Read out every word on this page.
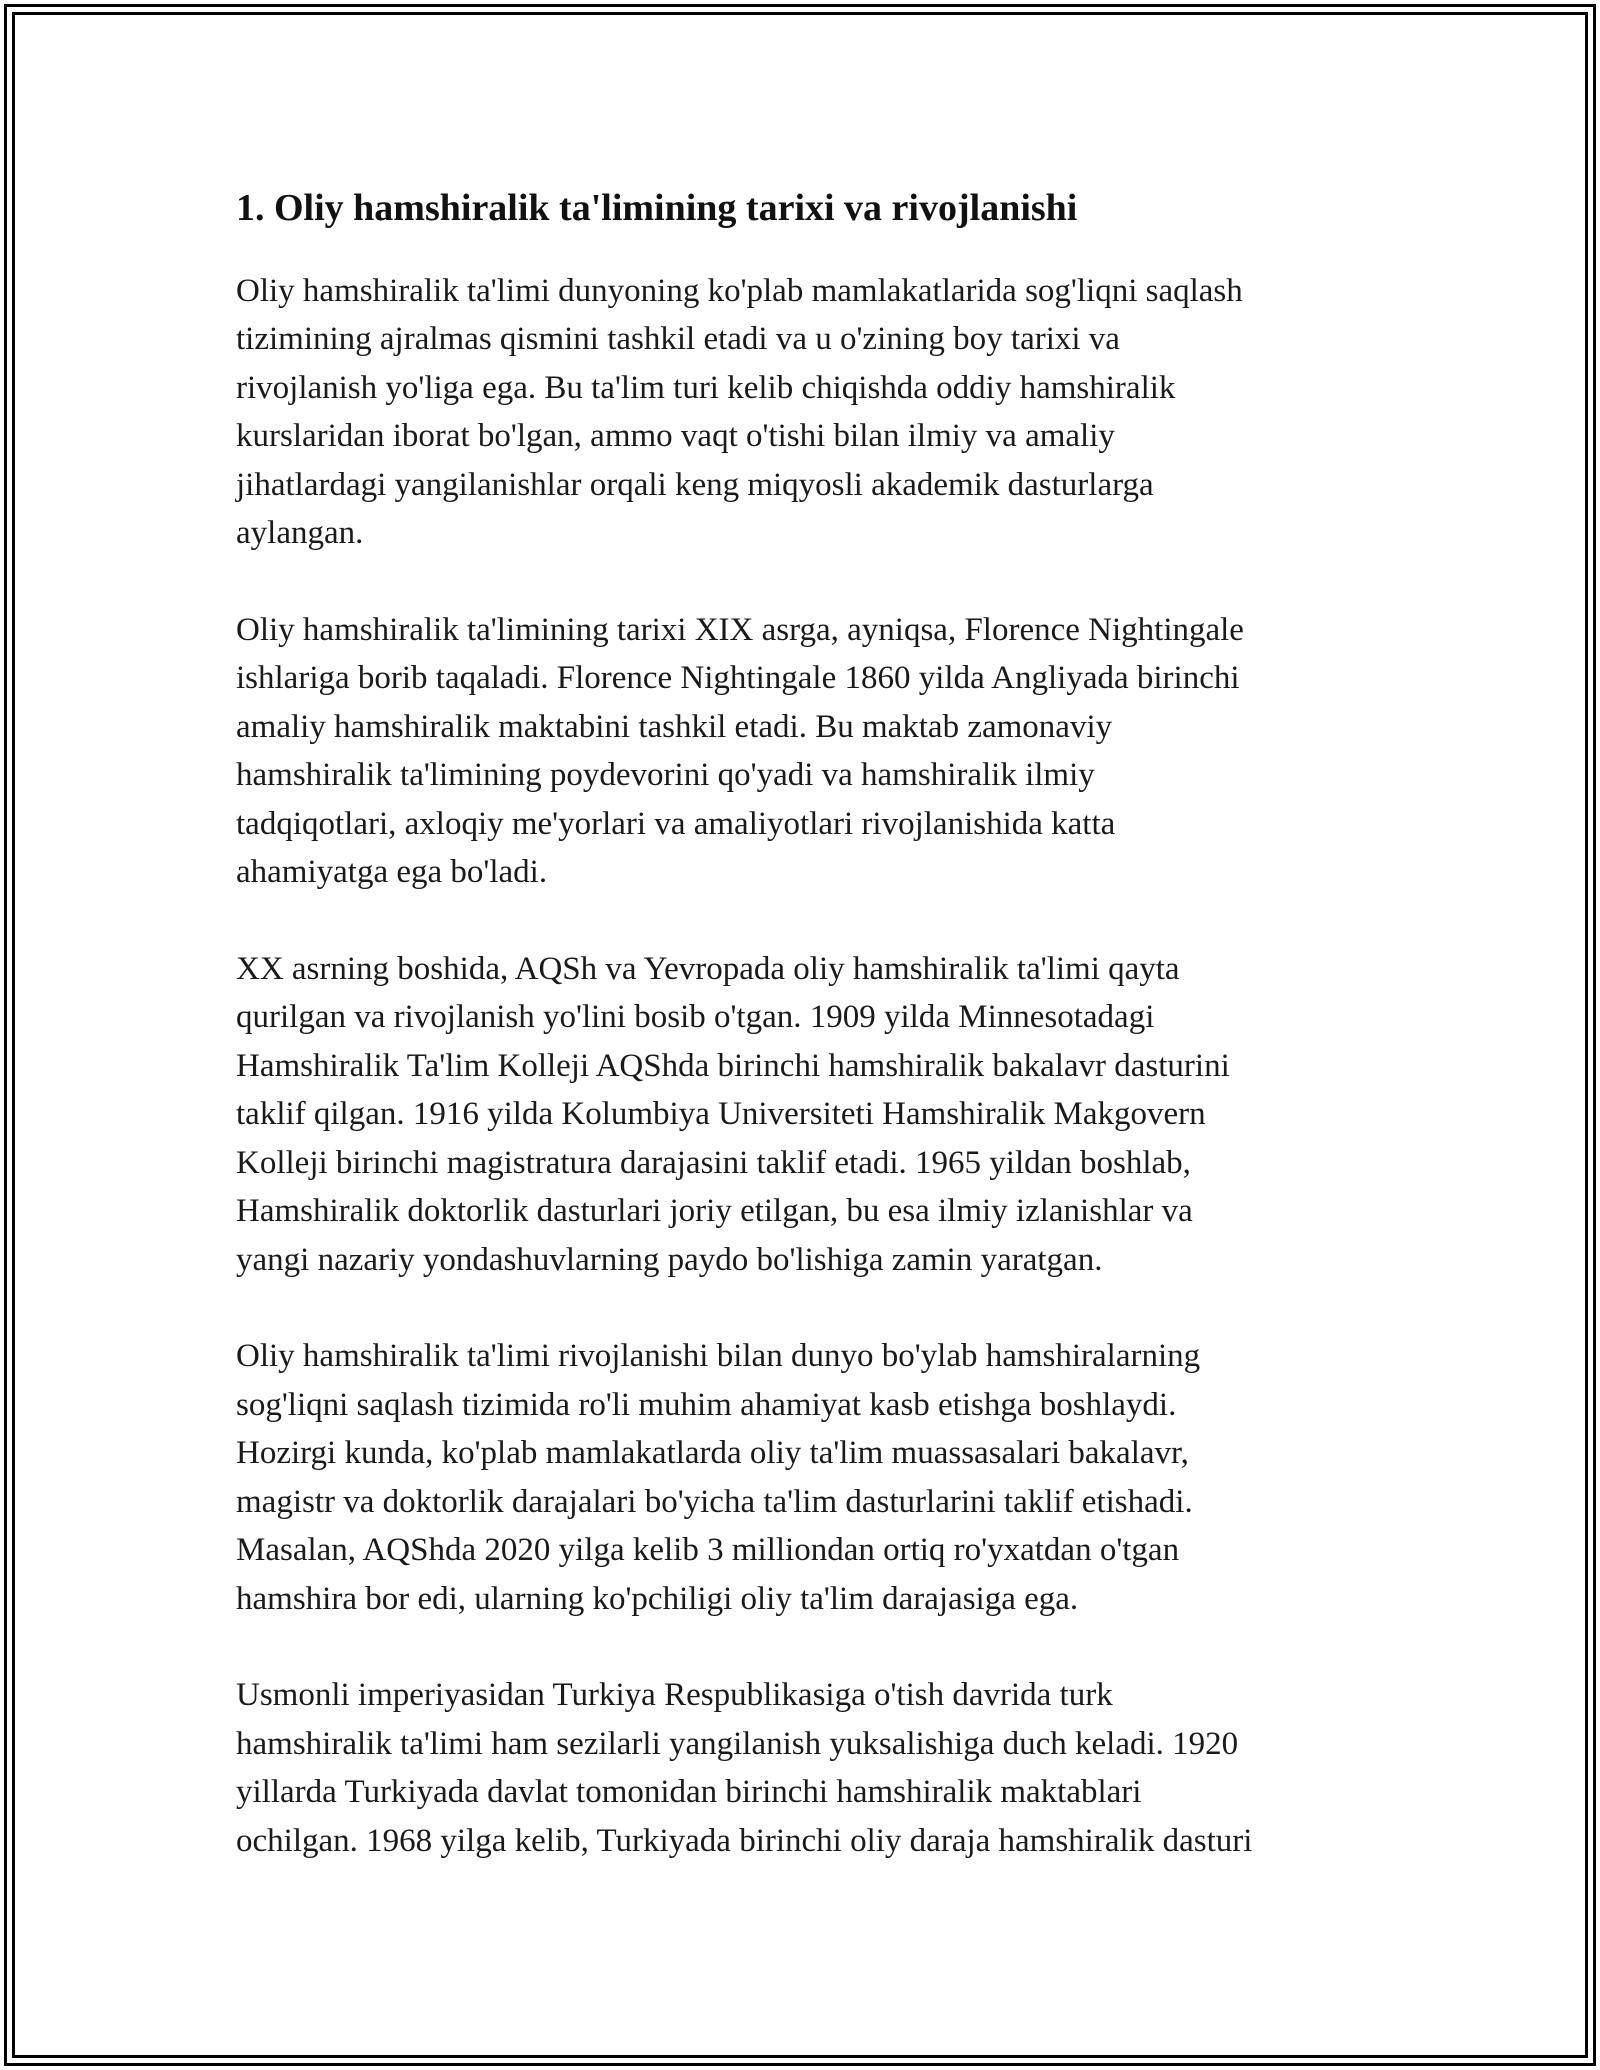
1. Oliy hamshiralik ta'limining tarixi va rivojlanishi

Oliy hamshiralik ta'limi dunyoning ko'plab mamlakatlarida sog'liqni saqlash
tizimining ajralmas qismini tashkil etadi va u o'zining boy tarixi va
rivojlanish yo'liga ega. Bu ta'lim turi kelib chiqishda oddiy hamshiralik
kurslaridan iborat bo'lgan, ammo vaqt o'tishi bilan ilmiy va amaliy
jihatlardagi yangilanishlar orqali keng miqyosli akademik dasturlarga
aylangan.

Oliy hamshiralik ta'limining tarixi XIX asrga, ayniqsa, Florence Nightingale
ishlariga borib taqaladi. Florence Nightingale 1860 yilda Angliyada birinchi
amaliy hamshiralik maktabini tashkil etadi. Bu maktab zamonaviy
hamshiralik ta'limining poydevorini qo'yadi va hamshiralik ilmiy
tadqiqotlari, axloqiy me'yorlari va amaliyotlari rivojlanishida katta
ahamiyatga ega bo'ladi.

XX asrning boshida, AQSh va Yevropada oliy hamshiralik ta'limi qayta
qurilgan va rivojlanish yo'lini bosib o'tgan. 1909 yilda Minnesotadagi
Hamshiralik Ta'lim Kolleji AQShda birinchi hamshiralik bakalavr dasturini
taklif qilgan. 1916 yilda Kolumbiya Universiteti Hamshiralik Makgovern
Kolleji birinchi magistratura darajasini taklif etadi. 1965 yildan boshlab,
Hamshiralik doktorlik dasturlari joriy etilgan, bu esa ilmiy izlanishlar va
yangi nazariy yondashuvlarning paydo bo'lishiga zamin yaratgan.

Oliy hamshiralik ta'limi rivojlanishi bilan dunyo bo'ylab hamshiralarning
sog'liqni saqlash tizimida ro'li muhim ahamiyat kasb etishga boshlaydi.
Hozirgi kunda, ko'plab mamlakatlarda oliy ta'lim muassasalari bakalavr,
magistr va doktorlik darajalari bo'yicha ta'lim dasturlarini taklif etishadi.
Masalan, AQShda 2020 yilga kelib 3 milliondan ortiq ro'yxatdan o'tgan
hamshira bor edi, ularning ko'pchiligi oliy ta'lim darajasiga ega.

Usmonli imperiyasidan Turkiya Respublikasiga o'tish davrida turk
hamshiralik ta'limi ham sezilarli yangilanish yuksalishiga duch keladi. 1920
yillarda Turkiyada davlat tomonidan birinchi hamshiralik maktablari
ochilgan. 1968 yilga kelib, Turkiyada birinchi oliy daraja hamshiralik dasturi
